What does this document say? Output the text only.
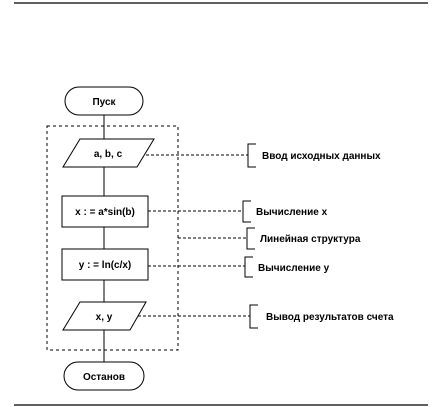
Пуск
a, b, c
x : = a*sin(b)
y : = ln(c/x)
x, y
Останов
Ввод исходных данных
Вычисление x
Линейная структура
Вычисление y
Вывод результатов счета
